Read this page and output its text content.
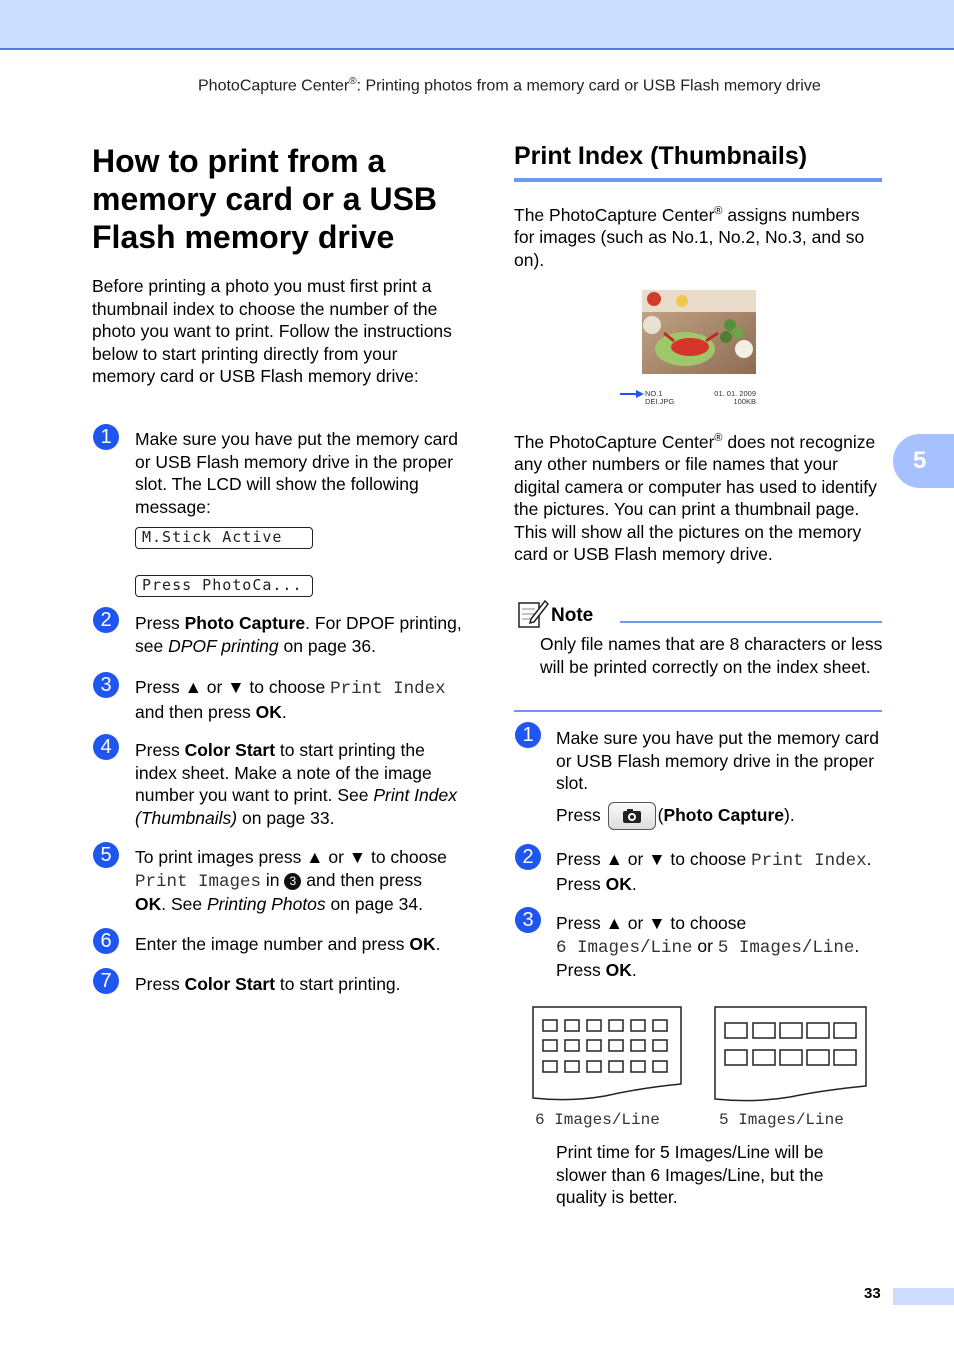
PhotoCapture Center®: Printing photos from a memory card or USB Flash memory drive
How to print from a memory card or a USB Flash memory drive
Before printing a photo you must first print a thumbnail index to choose the number of the photo you want to print. Follow the instructions below to start printing directly from your memory card or USB Flash memory drive:
1	Make sure you have put the memory card or USB Flash memory drive in the proper slot. The LCD will show the following message:
M.Stick Active
Press PhotoCa...
2	Press Photo Capture. For DPOF printing, see DPOF printing on page 36.
3	Press ▲ or ▼ to choose Print Index
and then press OK.
4	Press Color Start to start printing the index sheet. Make a note of the image number you want to print. See Print Index (Thumbnails) on page 33.
5	To print images press ▲ or ▼ to choose
Print Images in 3 and then press
OK. See Printing Photos on page 34.
6	Enter the image number and press OK.
7	Press Color Start to start printing.
Print Index (Thumbnails)
The PhotoCapture Center® assigns numbers for images (such as No.1, No.2, No.3, and so on).
NO.1
DEI.JPG
01. 01. 2009
100KB
The PhotoCapture Center® does not recognize any other numbers or file names that your digital camera or computer has used to identify the pictures. You can print a thumbnail page. This will show all the pictures on the memory card or USB Flash memory drive.
Note
Only file names that are 8 characters or less will be printed correctly on the index sheet.
1	Make sure you have put the memory card or USB Flash memory drive in the proper slot.
Press	(Photo Capture).
2	Press ▲ or ▼ to choose Print Index.
Press OK.
3	Press ▲ or ▼ to choose
6 Images/Line or 5 Images/Line.
Press OK.
6 Images/Line	5 Images/Line
Print time for 5 Images/Line will be slower than 6 Images/Line, but the quality is better.
5
33
